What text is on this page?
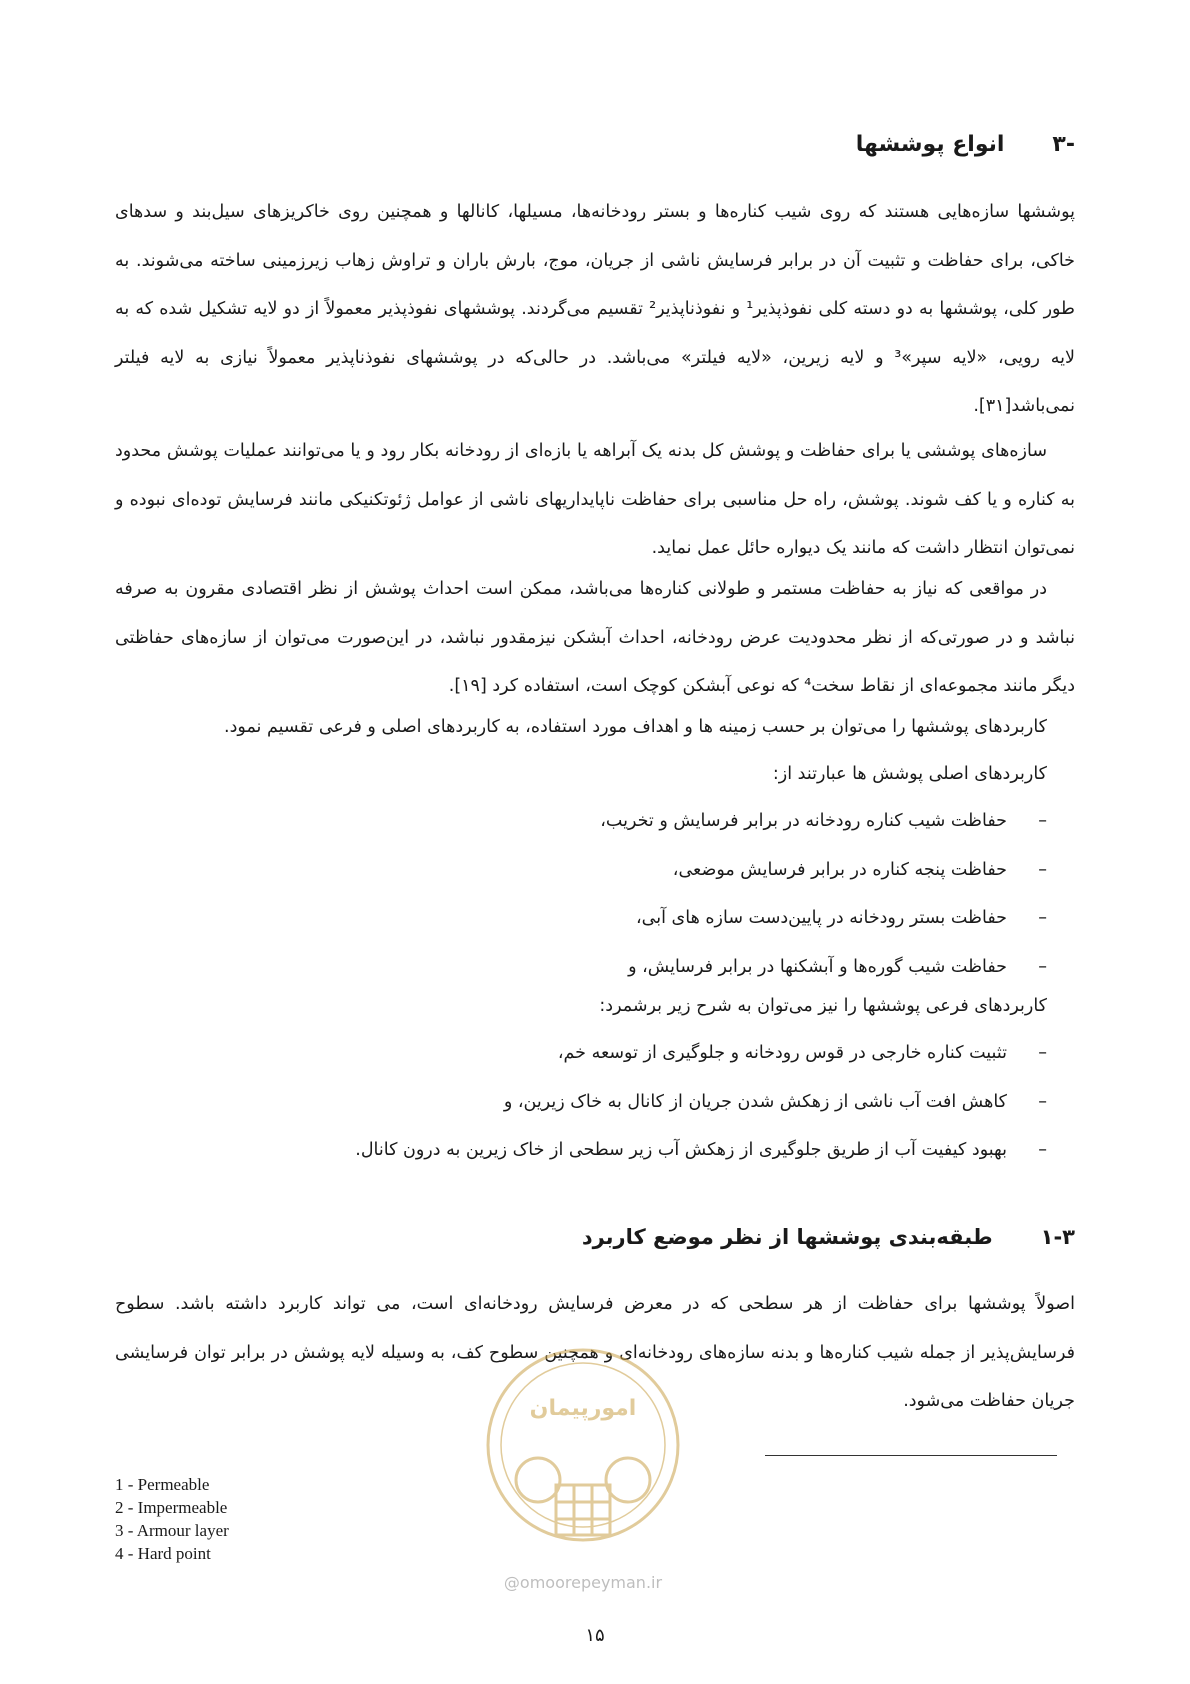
-۳
انواع پوششها

پوششها سازه‌هایی هستند که روی شیب کناره‌ها و بستر رودخانه‌ها، مسیلها، کانالها و همچنین روی خاکریزهای سیل‌بند و سدهای خاکی، برای حفاظت و تثبیت آن در برابر فرسایش ناشی از جریان، موج، بارش باران و تراوش زهاب زیرزمینی ساخته می‌شوند. به طور کلی، پوششها به دو دسته کلی نفوذپذیر¹ و نفوذناپذیر² تقسیم می‌گردند. پوششهای نفوذپذیر معمولاً از دو لایه تشکیل شده که به لایه رویی، «لایه سپر»³ و لایه زیرین، «لایه فیلتر» می‌باشد. در حالی‌که در پوششهای نفوذناپذیر معمولاً نیازی به لایه فیلتر نمی‌باشد[۳۱].

سازه‌های پوششی یا برای حفاظت و پوشش کل بدنه یک آبراهه یا بازه‌ای از رودخانه بکار رود و یا می‌توانند عملیات پوشش محدود به کناره و یا کف شوند. پوشش، راه حل مناسبی برای حفاظت ناپایداریهای ناشی از عوامل ژئوتکنیکی مانند فرسایش توده‌ای نبوده و نمی‌توان انتظار داشت که مانند یک دیواره حائل عمل نماید.

در مواقعی که نیاز به حفاظت مستمر و طولانی کناره‌ها می‌باشد، ممکن است احداث پوشش از نظر اقتصادی مقرون به صرفه نباشد و در صورتی‌که از نظر محدودیت عرض رودخانه، احداث آبشکن نیزمقدور نباشد، در این‌صورت می‌توان از سازه‌های حفاظتی دیگر مانند مجموعه‌ای از نقاط سخت⁴ که نوعی آبشکن کوچک است، استفاده کرد [۱۹].

کاربردهای پوششها را می‌توان بر حسب زمینه ها و اهداف مورد استفاده، به کاربردهای اصلی و فرعی تقسیم نمود.

کاربردهای اصلی پوشش ها عبارتند از:

–
حفاظت شیب کناره رودخانه در برابر فرسایش و تخریب،
–
حفاظت پنجه کناره در برابر فرسایش موضعی،
–
حفاظت بستر رودخانه در پایین‌دست سازه های آبی،
–
حفاظت شیب گوره‌ها و آبشکنها در برابر فرسایش، و

کاربردهای فرعی پوششها را نیز می‌توان به شرح زیر برشمرد:

–
تثبیت کناره خارجی در قوس رودخانه و جلوگیری از توسعه خم،
–
کاهش افت آب ناشی از زهکش شدن جریان از کانال به خاک زیرین، و
–
بهبود کیفیت آب از طریق جلوگیری از زهکش آب زیر سطحی از خاک زیرین به درون کانال.
۱-۳
طبقه‌بندی پوششها از نظر موضع کاربرد

اصولاً پوششها برای حفاظت از هر سطحی که در معرض فرسایش رودخانه‌ای است، می تواند کاربرد داشته باشد. سطوح فرسایش‌پذیر از جمله شیب کناره‌ها و بدنه سازه‌های رودخانه‌ای و همچنین سطوح کف، به وسیله لایه پوشش در برابر توان فرسایشی جریان حفاظت می‌شود.

امورپیمان
@omoorepeyman.ir
1 - Permeable
2 - Impermeable
3 - Armour layer
4 - Hard point
۱۵
